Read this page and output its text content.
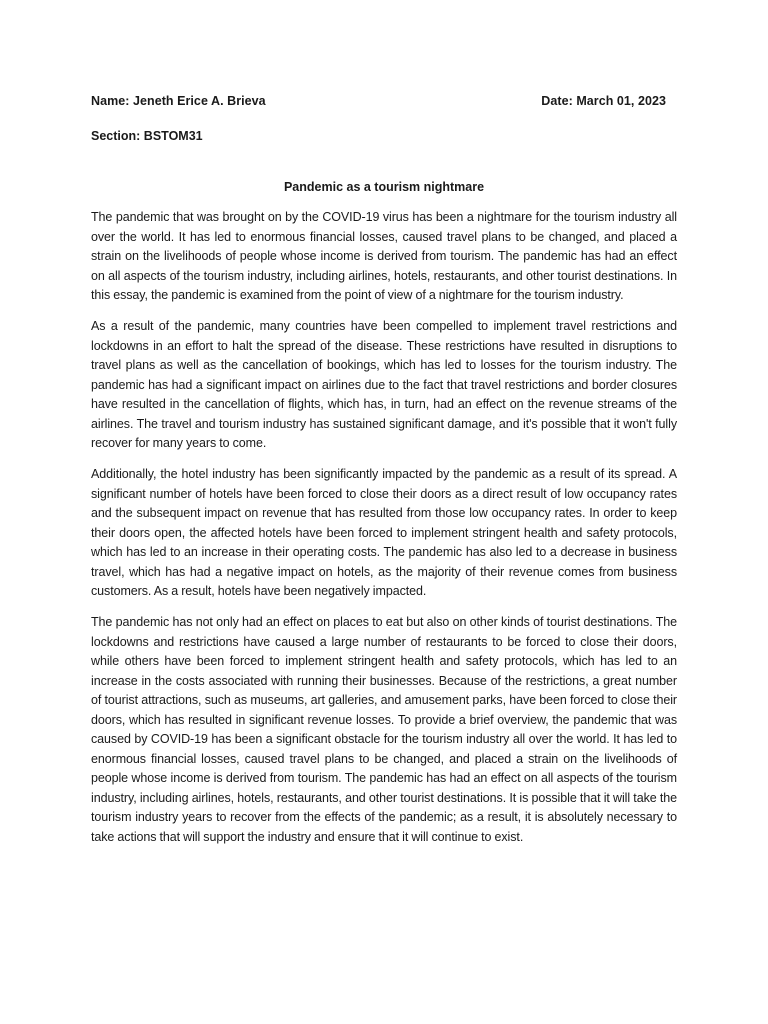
Name: Jeneth Erice A. Brieva	Date: March 01, 2023
Section: BSTOM31
Pandemic as a tourism nightmare

The pandemic that was brought on by the COVID-19 virus has been a nightmare for the tourism industry all over the world. It has led to enormous financial losses, caused travel plans to be changed, and placed a strain on the livelihoods of people whose income is derived from tourism. The pandemic has had an effect on all aspects of the tourism industry, including airlines, hotels, restaurants, and other tourist destinations. In this essay, the pandemic is examined from the point of view of a nightmare for the tourism industry.

As a result of the pandemic, many countries have been compelled to implement travel restrictions and lockdowns in an effort to halt the spread of the disease. These restrictions have resulted in disruptions to travel plans as well as the cancellation of bookings, which has led to losses for the tourism industry. The pandemic has had a significant impact on airlines due to the fact that travel restrictions and border closures have resulted in the cancellation of flights, which has, in turn, had an effect on the revenue streams of the airlines. The travel and tourism industry has sustained significant damage, and it's possible that it won't fully recover for many years to come.

Additionally, the hotel industry has been significantly impacted by the pandemic as a result of its spread. A significant number of hotels have been forced to close their doors as a direct result of low occupancy rates and the subsequent impact on revenue that has resulted from those low occupancy rates. In order to keep their doors open, the affected hotels have been forced to implement stringent health and safety protocols, which has led to an increase in their operating costs. The pandemic has also led to a decrease in business travel, which has had a negative impact on hotels, as the majority of their revenue comes from business customers. As a result, hotels have been negatively impacted.

The pandemic has not only had an effect on places to eat but also on other kinds of tourist destinations. The lockdowns and restrictions have caused a large number of restaurants to be forced to close their doors, while others have been forced to implement stringent health and safety protocols, which has led to an increase in the costs associated with running their businesses. Because of the restrictions, a great number of tourist attractions, such as museums, art galleries, and amusement parks, have been forced to close their doors, which has resulted in significant revenue losses. To provide a brief overview, the pandemic that was caused by COVID-19 has been a significant obstacle for the tourism industry all over the world. It has led to enormous financial losses, caused travel plans to be changed, and placed a strain on the livelihoods of people whose income is derived from tourism. The pandemic has had an effect on all aspects of the tourism industry, including airlines, hotels, restaurants, and other tourist destinations. It is possible that it will take the tourism industry years to recover from the effects of the pandemic; as a result, it is absolutely necessary to take actions that will support the industry and ensure that it will continue to exist.
